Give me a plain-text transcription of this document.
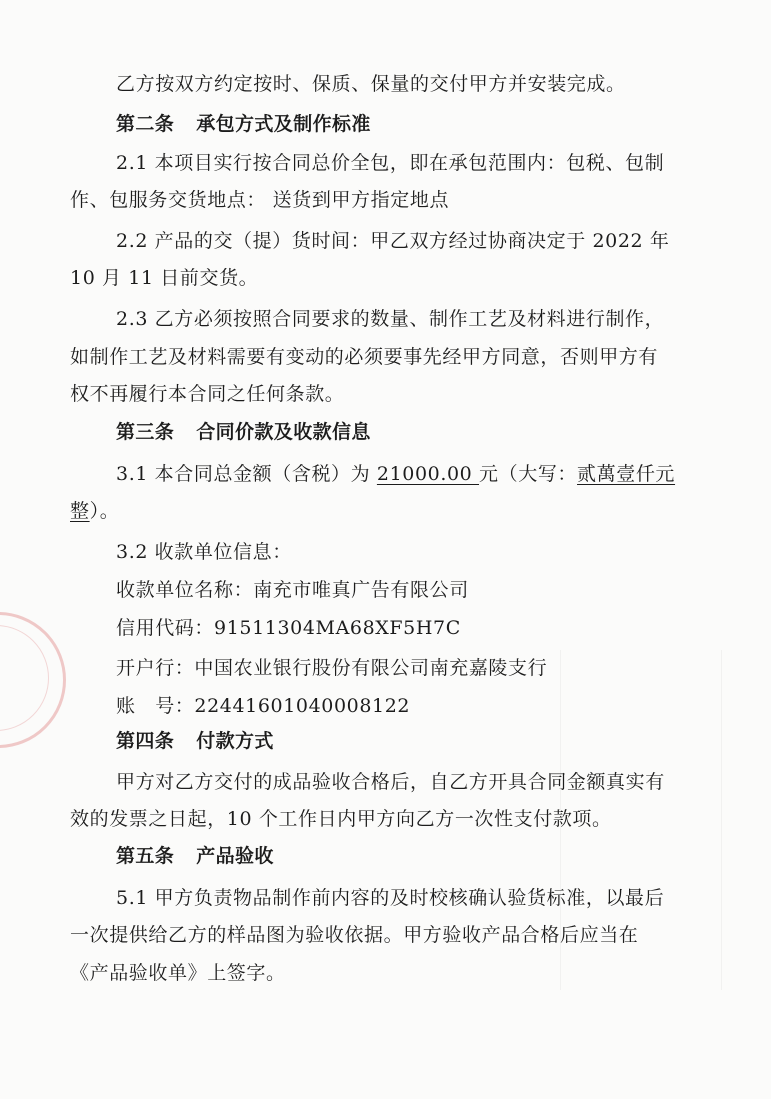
乙方按双方约定按时、保质、保量的交付甲方并安装完成。

第二条 承包方式及制作标准

2.1 本项目实行按合同总价全包，即在承包范围内：包税、包制

作、包服务交货地点： 送货到甲方指定地点

2.2 产品的交（提）货时间：甲乙双方经过协商决定于 2022 年

10 月 11 日前交货。

2.3 乙方必须按照合同要求的数量、制作工艺及材料进行制作，

如制作工艺及材料需要有变动的必须要事先经甲方同意，否则甲方有

权不再履行本合同之任何条款。

第三条 合同价款及收款信息

3.1 本合同总金额（含税）为 21000.00 元（大写：贰萬壹仟元

整）。

3.2 收款单位信息：

收款单位名称：南充市唯真广告有限公司

信用代码：91511304MA68XF5H7C

开户行：中国农业银行股份有限公司南充嘉陵支行

账　号：22441601040008122

第四条 付款方式

甲方对乙方交付的成品验收合格后，自乙方开具合同金额真实有

效的发票之日起，10 个工作日内甲方向乙方一次性支付款项。

第五条 产品验收

5.1 甲方负责物品制作前内容的及时校核确认验货标准，以最后

一次提供给乙方的样品图为验收依据。甲方验收产品合格后应当在

《产品验收单》上签字。
